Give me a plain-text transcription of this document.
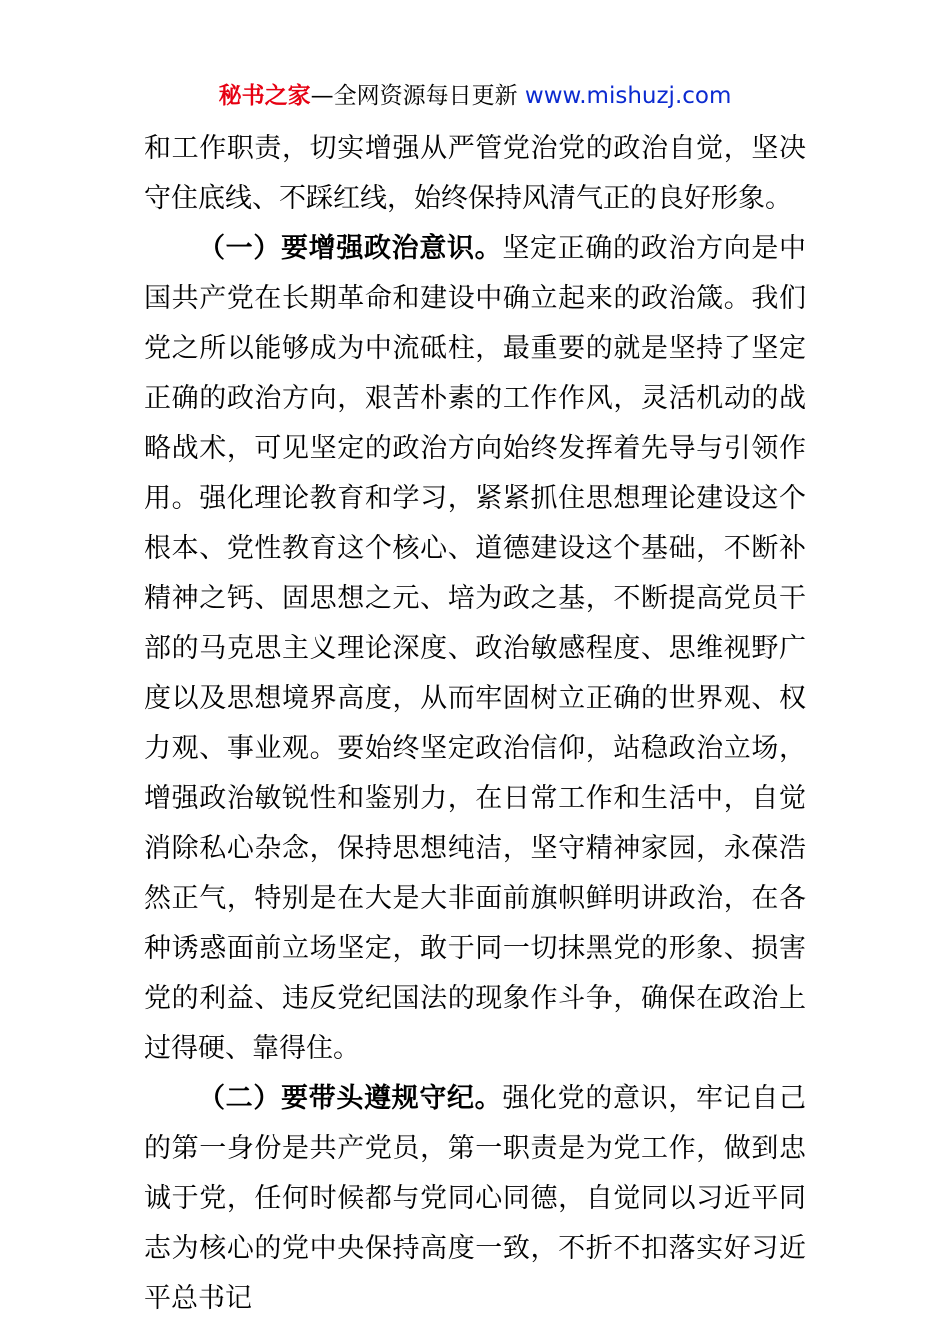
秘书之家—全网资源每日更新 www.mishuzj.com

和工作职责，切实增强从严管党治党的政治自觉，坚决守住底线、不踩红线，始终保持风清气正的良好形象。

（一）要增强政治意识。坚定正确的政治方向是中国共产党在长期革命和建设中确立起来的政治箴。我们党之所以能够成为中流砥柱，最重要的就是坚持了坚定正确的政治方向，艰苦朴素的工作作风，灵活机动的战略战术，可见坚定的政治方向始终发挥着先导与引领作用。强化理论教育和学习，紧紧抓住思想理论建设这个根本、党性教育这个核心、道德建设这个基础，不断补精神之钙、固思想之元、培为政之基，不断提高党员干部的马克思主义理论深度、政治敏感程度、思维视野广度以及思想境界高度，从而牢固树立正确的世界观、权力观、事业观。要始终坚定政治信仰，站稳政治立场，增强政治敏锐性和鉴别力，在日常工作和生活中，自觉消除私心杂念，保持思想纯洁，坚守精神家园，永葆浩然正气，特别是在大是大非面前旗帜鲜明讲政治，在各种诱惑面前立场坚定，敢于同一切抹黑党的形象、损害党的利益、违反党纪国法的现象作斗争，确保在政治上过得硬、靠得住。

（二）要带头遵规守纪。强化党的意识，牢记自己的第一身份是共产党员，第一职责是为党工作，做到忠诚于党，任何时候都与党同心同德，自觉同以习近平同志为核心的党中央保持高度一致，不折不扣落实好习近平总书记
